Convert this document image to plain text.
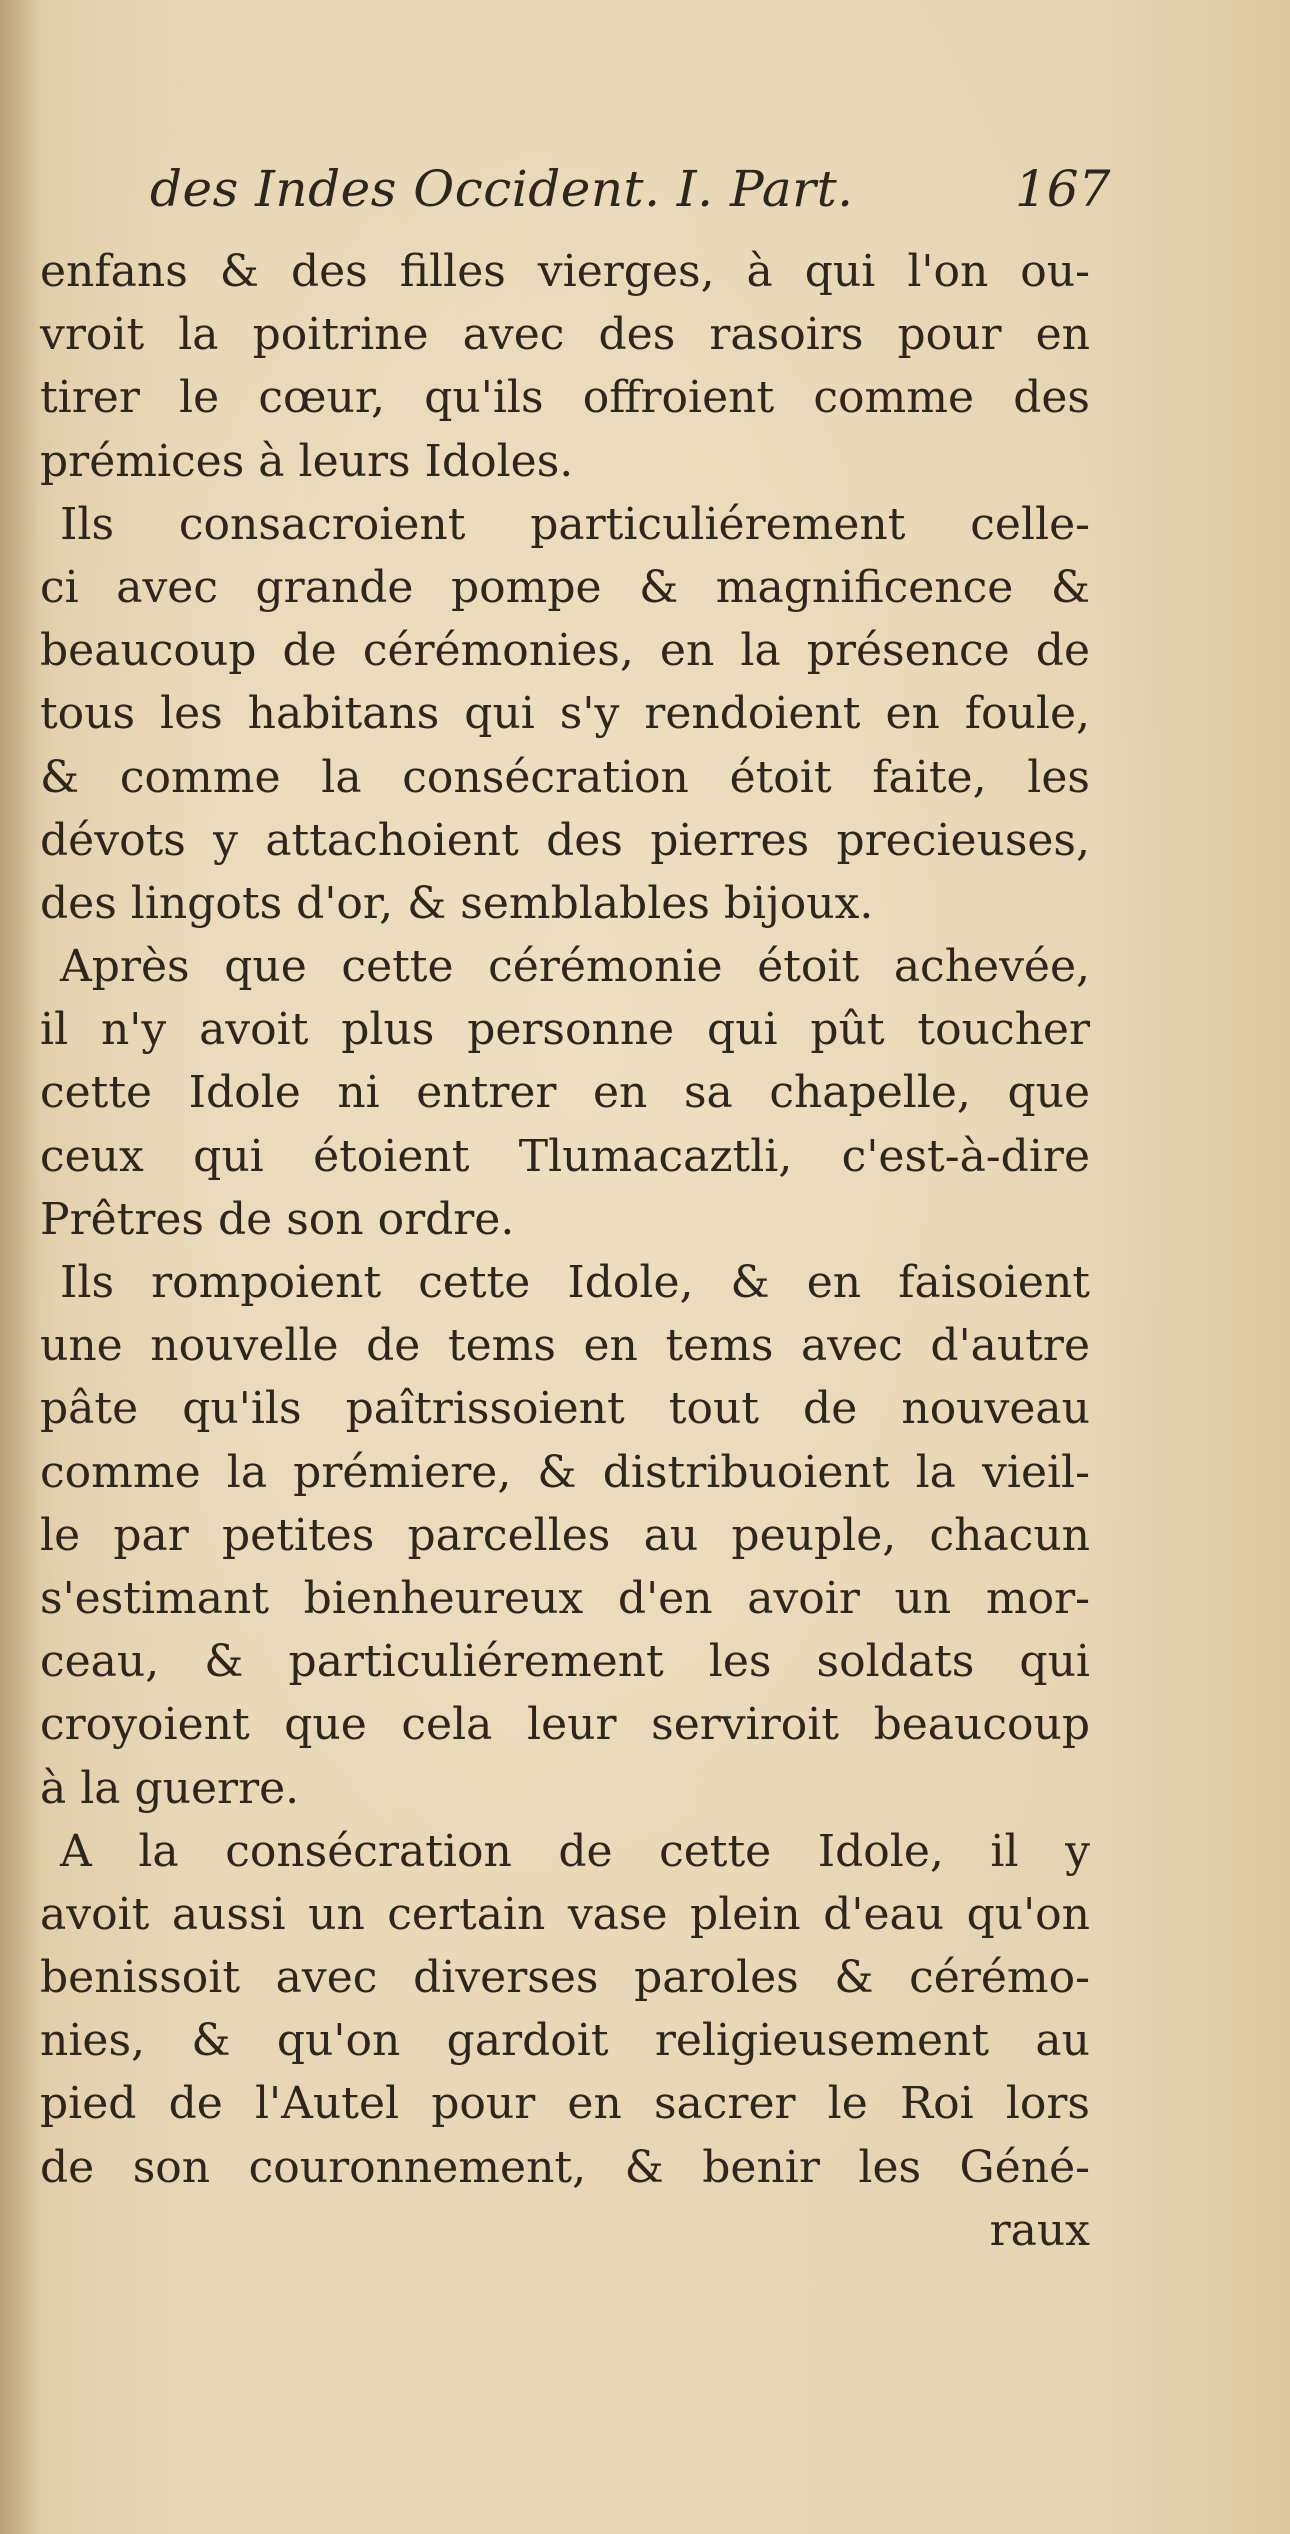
des Indes Occident. I. Part.	167
enfans & des filles vierges, à qui l'on ou-
vroit la poitrine avec des rasoirs pour en
tirer le cœur, qu'ils offroient comme des
prémices à leurs Idoles.
Ils consacroient particuliérement celle-
ci avec grande pompe & magnificence &
beaucoup de cérémonies, en la présence de
tous les habitans qui s'y rendoient en foule,
& comme la consécration étoit faite, les
dévots y attachoient des pierres precieuses,
des lingots d'or, & semblables bijoux.
Après que cette cérémonie étoit achevée,
il n'y avoit plus personne qui pût toucher
cette Idole ni entrer en sa chapelle, que
ceux qui étoient Tlumacaztli, c'est-à-dire
Prêtres de son ordre.
Ils rompoient cette Idole, & en faisoient
une nouvelle de tems en tems avec d'autre
pâte qu'ils paîtrissoient tout de nouveau
comme la prémiere, & distribuoient la vieil-
le par petites parcelles au peuple, chacun
s'estimant bienheureux d'en avoir un mor-
ceau, & particuliérement les soldats qui
croyoient que cela leur serviroit beaucoup
à la guerre.
A la consécration de cette Idole, il y
avoit aussi un certain vase plein d'eau qu'on
benissoit avec diverses paroles & cérémo-
nies, & qu'on gardoit religieusement au
pied de l'Autel pour en sacrer le Roi lors
de son couronnement, & benir les Géné-
raux
